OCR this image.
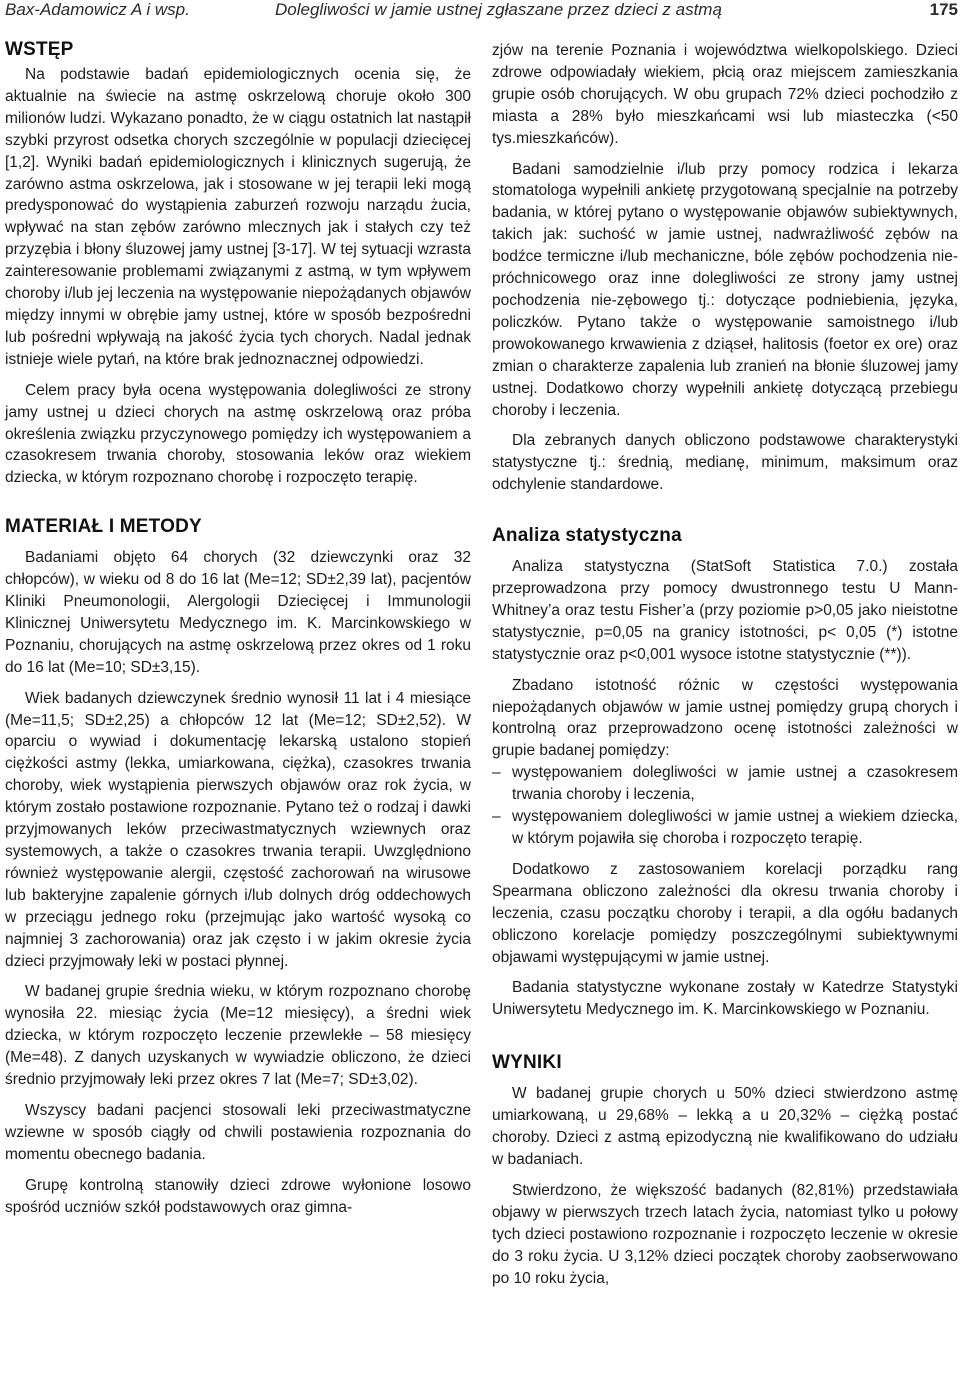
Bax-Adamowicz A i wsp.	Dolegliwości w jamie ustnej zgłaszane przez dzieci z astmą	175
WSTĘP

Na podstawie badań epidemiologicznych ocenia się, że aktualnie na świecie na astmę oskrzelową choruje około 300 milionów ludzi. Wykazano ponadto, że w ciągu ostatnich lat nastąpił szybki przyrost odsetka chorych szczególnie w populacji dziecięcej [1,2]. Wyniki badań epidemiologicznych i klinicznych sugerują, że zarówno astma oskrzelowa, jak i stosowane w jej terapii leki mogą predysponować do wystąpienia zaburzeń rozwoju narządu żucia, wpływać na stan zębów zarówno mlecznych jak i stałych czy też przyzębia i błony śluzowej jamy ustnej [3-17]. W tej sytuacji wzrasta zainteresowanie problemami związanymi z astmą, w tym wpływem choroby i/lub jej leczenia na występowanie niepożądanych objawów między innymi w obrębie jamy ustnej, które w sposób bezpośredni lub pośredni wpływają na jakość życia tych chorych. Nadal jednak istnieje wiele pytań, na które brak jednoznacznej odpowiedzi.

Celem pracy była ocena występowania dolegliwości ze strony jamy ustnej u dzieci chorych na astmę oskrzelową oraz próba określenia związku przyczynowego pomiędzy ich występowaniem a czasokresem trwania choroby, stosowania leków oraz wiekiem dziecka, w którym rozpoznano chorobę i rozpoczęto terapię.

MATERIAŁ I METODY

Badaniami objęto 64 chorych (32 dziewczynki oraz 32 chłopców), w wieku od 8 do 16 lat (Me=12; SD±2,39 lat), pacjentów Kliniki Pneumonologii, Alergologii Dziecięcej i Immunologii Klinicznej Uniwersytetu Medycznego im. K. Marcinkowskiego w Poznaniu, chorujących na astmę oskrzelową przez okres od 1 roku do 16 lat (Me=10; SD±3,15).

Wiek badanych dziewczynek średnio wynosił 11 lat i 4 miesiące (Me=11,5; SD±2,25) a chłopców 12 lat (Me=12; SD±2,52). W oparciu o wywiad i dokumentację lekarską ustalono stopień ciężkości astmy (lekka, umiarkowana, ciężka), czasokres trwania choroby, wiek wystąpienia pierwszych objawów oraz rok życia, w którym zostało postawione rozpoznanie. Pytano też o rodzaj i dawki przyjmowanych leków przeciwastmatycznych wziewnych oraz systemowych, a także o czasokres trwania terapii. Uwzględniono również występowanie alergii, częstość zachorowań na wirusowe lub bakteryjne zapalenie górnych i/lub dolnych dróg oddechowych w przeciągu jednego roku (przejmując jako wartość wysoką co najmniej 3 zachorowania) oraz jak często i w jakim okresie życia dzieci przyjmowały leki w postaci płynnej.

W badanej grupie średnia wieku, w którym rozpoznano chorobę wynosiła 22. miesiąc życia (Me=12 miesięcy), a średni wiek dziecka, w którym rozpoczęto leczenie przewlekłe – 58 miesięcy (Me=48). Z danych uzyskanych w wywiadzie obliczono, że dzieci średnio przyjmowały leki przez okres 7 lat (Me=7; SD±3,02).

Wszyscy badani pacjenci stosowali leki przeciwastmatyczne wziewne w sposób ciągły od chwili postawienia rozpoznania do momentu obecnego badania.

Grupę kontrolną stanowiły dzieci zdrowe wyłonione losowo spośród uczniów szkół podstawowych oraz gimna-

zjów na terenie Poznania i województwa wielkopolskiego. Dzieci zdrowe odpowiadały wiekiem, płcią oraz miejscem zamieszkania grupie osób chorujących. W obu grupach 72% dzieci pochodziło z miasta a 28% było mieszkańcami wsi lub miasteczka (<50 tys.mieszkańców).

Badani samodzielnie i/lub przy pomocy rodzica i lekarza stomatologa wypełnili ankietę przygotowaną specjalnie na potrzeby badania, w której pytano o występowanie objawów subiektywnych, takich jak: suchość w jamie ustnej, nadwrażliwość zębów na bodźce termiczne i/lub mechaniczne, bóle zębów pochodzenia nie-próchnicowego oraz inne dolegliwości ze strony jamy ustnej pochodzenia nie-zębowego tj.: dotyczące podniebienia, języka, policzków. Pytano także o występowanie samoistnego i/lub prowokowanego krwawienia z dziąseł, halitosis (foetor ex ore) oraz zmian o charakterze zapalenia lub zranień na błonie śluzowej jamy ustnej. Dodatkowo chorzy wypełnili ankietę dotyczącą przebiegu choroby i leczenia.

Dla zebranych danych obliczono podstawowe charakterystyki statystyczne tj.: średnią, medianę, minimum, maksimum oraz odchylenie standardowe.

Analiza statystyczna

Analiza statystyczna (StatSoft Statistica 7.0.) została przeprowadzona przy pomocy dwustronnego testu U Mann-Whitney’a oraz testu Fisher’a (przy poziomie p>0,05 jako nieistotne statystycznie, p=0,05 na granicy istotności, p< 0,05 (*) istotne statystycznie oraz p<0,001 wysoce istotne statystycznie (**)).

Zbadano istotność różnic w częstości występowania niepożądanych objawów w jamie ustnej pomiędzy grupą chorych i kontrolną oraz przeprowadzono ocenę istotności zależności w grupie badanej pomiędzy:

– występowaniem dolegliwości w jamie ustnej a czasokresem trwania choroby i leczenia,
– występowaniem dolegliwości w jamie ustnej a wiekiem dziecka, w którym pojawiła się choroba i rozpoczęto terapię.

Dodatkowo z zastosowaniem korelacji porządku rang Spearmana obliczono zależności dla okresu trwania choroby i leczenia, czasu początku choroby i terapii, a dla ogółu badanych obliczono korelacje pomiędzy poszczególnymi subiektywnymi objawami występującymi w jamie ustnej.

Badania statystyczne wykonane zostały w Katedrze Statystyki Uniwersytetu Medycznego im. K. Marcinkowskiego w Poznaniu.

WYNIKI

W badanej grupie chorych u 50% dzieci stwierdzono astmę umiarkowaną, u 29,68% – lekką a u 20,32% – ciężką postać choroby. Dzieci z astmą epizodyczną nie kwalifikowano do udziału w badaniach.

Stwierdzono, że większość badanych (82,81%) przedstawiała objawy w pierwszych trzech latach życia, natomiast tylko u połowy tych dzieci postawiono rozpoznanie i rozpoczęto leczenie w okresie do 3 roku życia. U 3,12% dzieci początek choroby zaobserwowano po 10 roku życia,
